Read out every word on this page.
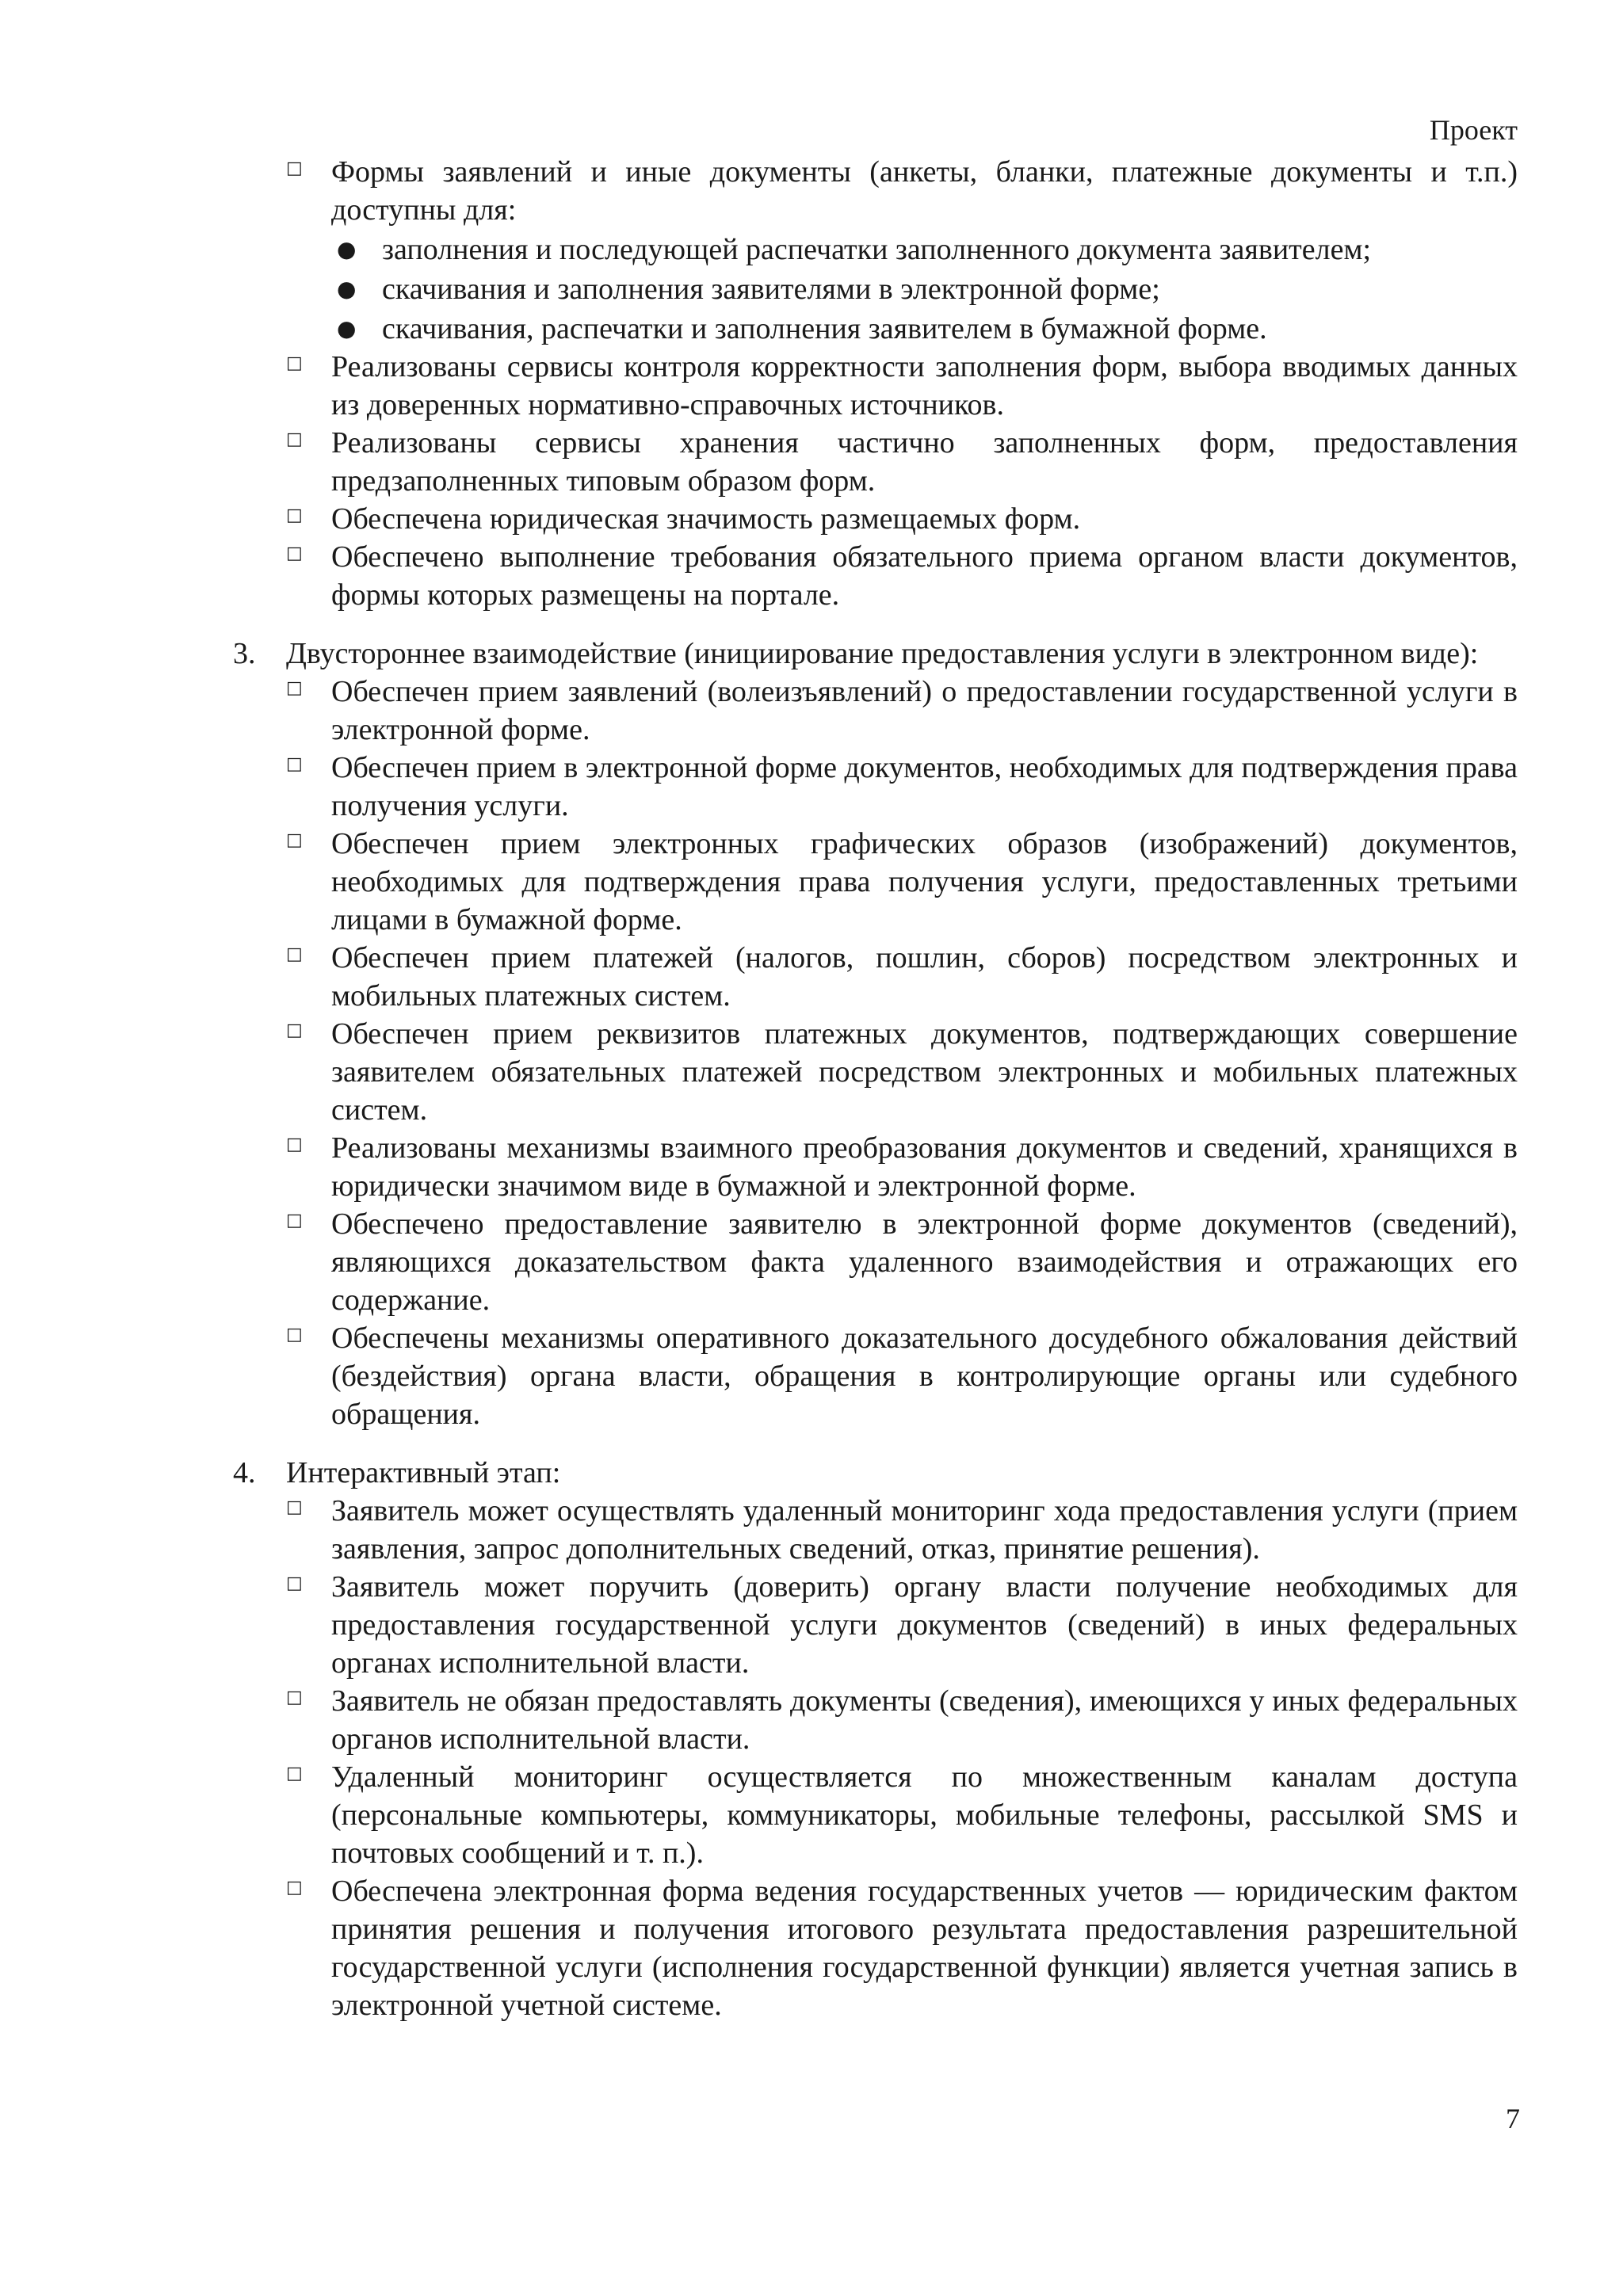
Проект
□ Формы заявлений и иные документы (анкеты, бланки, платежные документы и т.п.) доступны для:
● заполнения и последующей распечатки заполненного документа заявителем;
● скачивания и заполнения заявителями в электронной форме;
● скачивания, распечатки и заполнения заявителем в бумажной форме.
□ Реализованы сервисы контроля корректности заполнения форм, выбора вводимых данных из доверенных нормативно-справочных источников.
□ Реализованы сервисы хранения частично заполненных форм, предоставления предзаполненных типовым образом форм.
□ Обеспечена юридическая значимость размещаемых форм.
□ Обеспечено выполнение требования обязательного приема органом власти документов, формы которых размещены на портале.
3. Двустороннее взаимодействие (инициирование предоставления услуги в электронном виде):
□ Обеспечен прием заявлений (волеизъявлений) о предоставлении государственной услуги в электронной форме.
□ Обеспечен прием в электронной форме документов, необходимых для подтверждения права получения услуги.
□ Обеспечен прием электронных графических образов (изображений) документов, необходимых для подтверждения права получения услуги, предоставленных третьими лицами в бумажной форме.
□ Обеспечен прием платежей (налогов, пошлин, сборов) посредством электронных и мобильных платежных систем.
□ Обеспечен прием реквизитов платежных документов, подтверждающих совершение заявителем обязательных платежей посредством электронных и мобильных платежных систем.
□ Реализованы механизмы взаимного преобразования документов и сведений, хранящихся в юридически значимом виде в бумажной и электронной форме.
□ Обеспечено предоставление заявителю в электронной форме документов (сведений), являющихся доказательством факта удаленного взаимодействия и отражающих его содержание.
□ Обеспечены механизмы оперативного доказательного досудебного обжалования действий (бездействия) органа власти, обращения в контролирующие органы или судебного обращения.
4. Интерактивный этап:
□ Заявитель может осуществлять удаленный мониторинг хода предоставления услуги (прием заявления, запрос дополнительных сведений, отказ, принятие решения).
□ Заявитель может поручить (доверить) органу власти получение необходимых для предоставления государственной услуги документов (сведений) в иных федеральных органах исполнительной власти.
□ Заявитель не обязан предоставлять документы (сведения), имеющихся у иных федеральных органов исполнительной власти.
□ Удаленный мониторинг осуществляется по множественным каналам доступа (персональные компьютеры, коммуникаторы, мобильные телефоны, рассылкой SMS и почтовых сообщений и т. п.).
□ Обеспечена электронная форма ведения государственных учетов — юридическим фактом принятия решения и получения итогового результата предоставления разрешительной государственной услуги (исполнения государственной функции) является учетная запись в электронной учетной системе.
7
